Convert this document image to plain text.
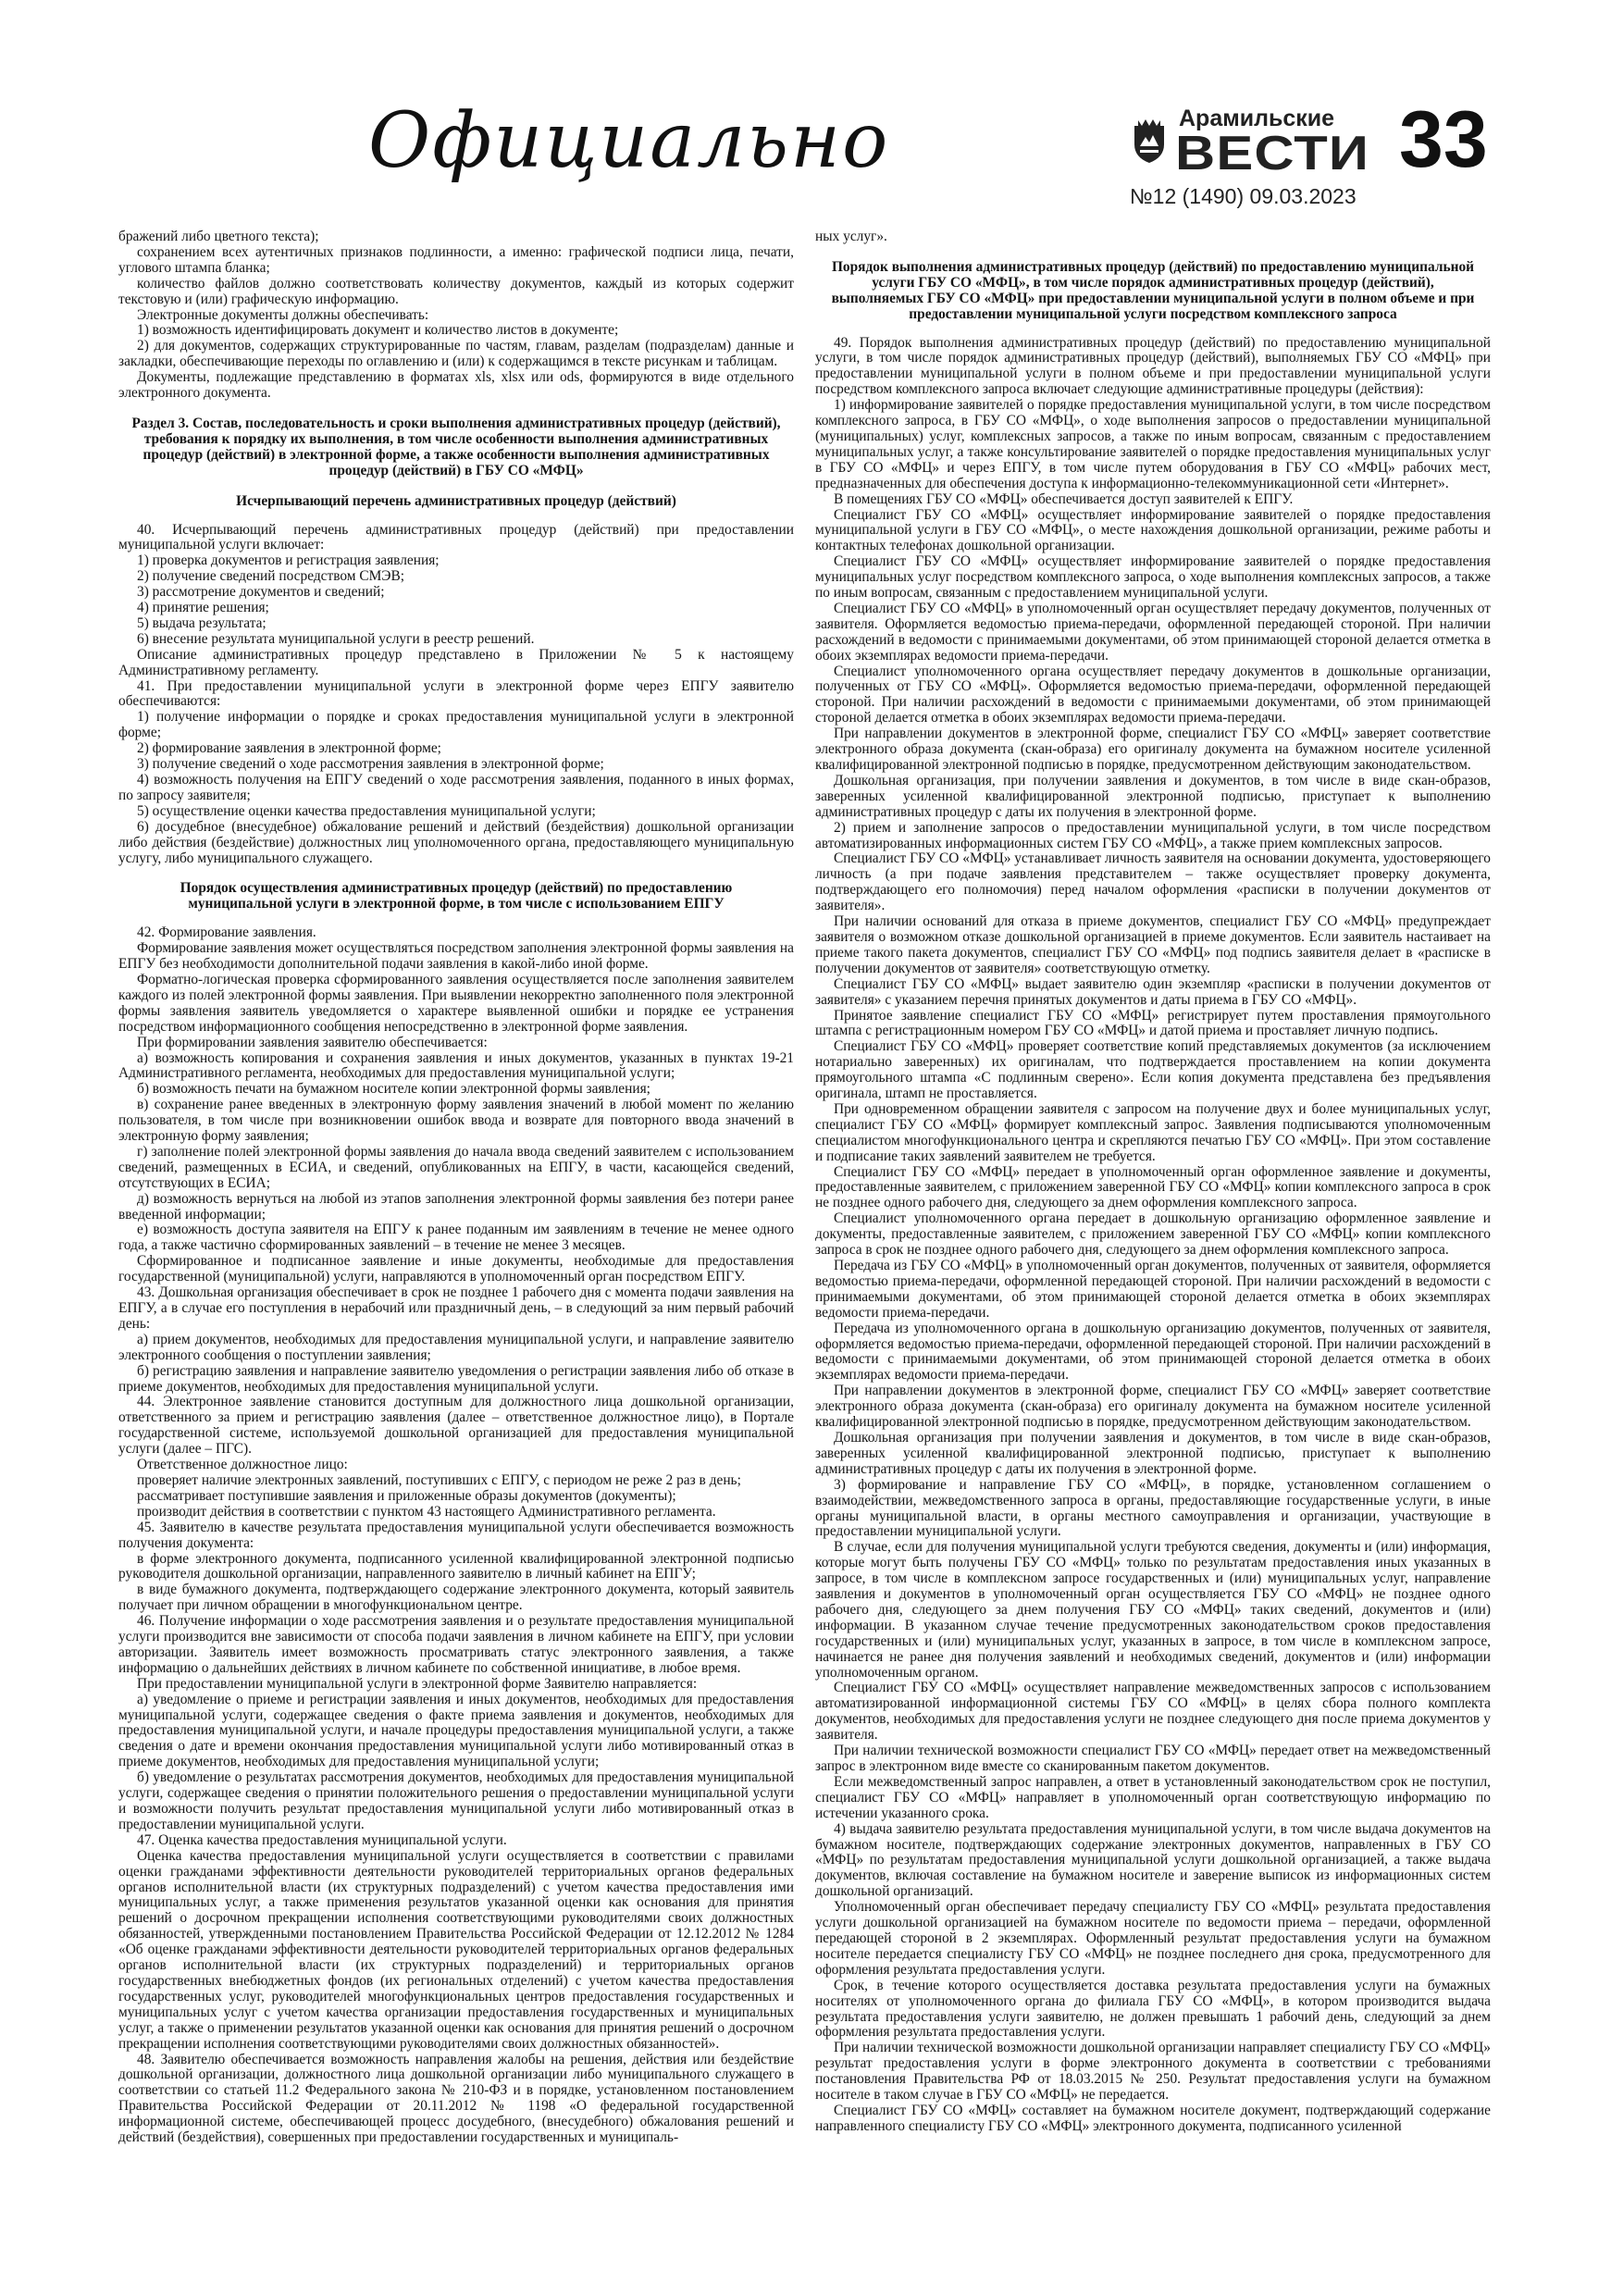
Официально	Арамильские
ВЕСТИ 33
№12 (1490) 09.03.2023

бражений либо цветного текста);

сохранением всех аутентичных признаков подлинности, а именно: графической подписи лица, печати, углового штампа бланка;

количество файлов должно соответствовать количеству документов, каждый из которых содержит текстовую и (или) графическую информацию.

Электронные документы должны обеспечивать:

1) возможность идентифицировать документ и количество листов в документе;

2) для документов, содержащих структурированные по частям, главам, разделам (подразделам) данные и закладки, обеспечивающие переходы по оглавлению и (или) к содержащимся в тексте рисункам и таблицам.

Документы, подлежащие представлению в форматах xls, xlsx или ods, формируются в виде отдельного электронного документа.

Раздел 3. Состав, последовательность и сроки выполнения административных процедур (действий), требования к порядку их выполнения, в том числе особенности выполнения административных процедур (действий) в электронной форме, а также особенности выполнения административных процедур (действий) в ГБУ СО «МФЦ»
Исчерпывающий перечень административных процедур (действий)

40. Исчерпывающий перечень административных процедур (действий) при предоставлении муниципальной услуги включает:

1) проверка документов и регистрация заявления;

2) получение сведений посредством СМЭВ;

3) рассмотрение документов и сведений;

4) принятие решения;

5) выдача результата;

6) внесение результата муниципальной услуги в реестр решений.

Описание административных процедур представлено в Приложении № 5 к настоящему Административному регламенту.

41. При предоставлении муниципальной услуги в электронной форме через ЕПГУ заявителю обеспечиваются:

1) получение информации о порядке и сроках предоставления муниципальной услуги в электронной форме;

2) формирование заявления в электронной форме;

3) получение сведений о ходе рассмотрения заявления в электронной форме;

4) возможность получения на ЕПГУ сведений о ходе рассмотрения заявления, поданного в иных формах, по запросу заявителя;

5) осуществление оценки качества предоставления муниципальной услуги;

6) досудебное (внесудебное) обжалование решений и действий (бездействия) дошкольной организации либо действия (бездействие) должностных лиц уполномоченного органа, предоставляющего муниципальную услугу, либо муниципального служащего.

Порядок осуществления административных процедур (действий) по предоставлению муниципальной услуги в электронной форме, в том числе с использованием ЕПГУ

42. Формирование заявления.

Формирование заявления может осуществляться посредством заполнения электронной формы заявления на ЕПГУ без необходимости дополнительной подачи заявления в какой-либо иной форме.

Форматно-логическая проверка сформированного заявления осуществляется после заполнения заявителем каждого из полей электронной формы заявления. При выявлении некорректно заполненного поля электронной формы заявления заявитель уведомляется о характере выявленной ошибки и порядке ее устранения посредством информационного сообщения непосредственно в электронной форме заявления.

При формировании заявления заявителю обеспечивается:

а) возможность копирования и сохранения заявления и иных документов, указанных в пунктах 19-21 Административного регламента, необходимых для предоставления муниципальной услуги;

б) возможность печати на бумажном носителе копии электронной формы заявления;

в) сохранение ранее введенных в электронную форму заявления значений в любой момент по желанию пользователя, в том числе при возникновении ошибок ввода и возврате для повторного ввода значений в электронную форму заявления;

г) заполнение полей электронной формы заявления до начала ввода сведений заявителем с использованием сведений, размещенных в ЕСИА, и сведений, опубликованных на ЕПГУ, в части, касающейся сведений, отсутствующих в ЕСИА;

д) возможность вернуться на любой из этапов заполнения электронной формы заявления без потери ранее введенной информации;

е) возможность доступа заявителя на ЕПГУ к ранее поданным им заявлениям в течение не менее одного года, а также частично сформированных заявлений – в течение не менее 3 месяцев.

Сформированное и подписанное заявление и иные документы, необходимые для предоставления государственной (муниципальной) услуги, направляются в уполномоченный орган посредством ЕПГУ.

43. Дошкольная организация обеспечивает в срок не позднее 1 рабочего дня с момента подачи заявления на ЕПГУ, а в случае его поступления в нерабочий или праздничный день, – в следующий за ним первый рабочий день:

а) прием документов, необходимых для предоставления муниципальной услуги, и направление заявителю электронного сообщения о поступлении заявления;

б) регистрацию заявления и направление заявителю уведомления о регистрации заявления либо об отказе в приеме документов, необходимых для предоставления муниципальной услуги.

44. Электронное заявление становится доступным для должностного лица дошкольной организации, ответственного за прием и регистрацию заявления (далее – ответственное должностное лицо), в Портале государственной системе, используемой дошкольной организацией для предоставления муниципальной услуги (далее – ПГС).

Ответственное должностное лицо:

проверяет наличие электронных заявлений, поступивших с ЕПГУ, с периодом не реже 2 раз в день;

рассматривает поступившие заявления и приложенные образы документов (документы);

производит действия в соответствии с пунктом 43 настоящего Административного регламента.

45. Заявителю в качестве результата предоставления муниципальной услуги обеспечивается возможность получения документа:

в форме электронного документа, подписанного усиленной квалифицированной электронной подписью руководителя дошкольной организации, направленного заявителю в личный кабинет на ЕПГУ;

в виде бумажного документа, подтверждающего содержание электронного документа, который заявитель получает при личном обращении в многофункциональном центре.

46. Получение информации о ходе рассмотрения заявления и о результате предоставления муниципальной услуги производится вне зависимости от способа подачи заявления в личном кабинете на ЕПГУ, при условии авторизации. Заявитель имеет возможность просматривать статус электронного заявления, а также информацию о дальнейших действиях в личном кабинете по собственной инициативе, в любое время.

При предоставлении муниципальной услуги в электронной форме Заявителю направляется:

а) уведомление о приеме и регистрации заявления и иных документов, необходимых для предоставления муниципальной услуги, содержащее сведения о факте приема заявления и документов, необходимых для предоставления муниципальной услуги, и начале процедуры предоставления муниципальной услуги, а также сведения о дате и времени окончания предоставления муниципальной услуги либо мотивированный отказ в приеме документов, необходимых для предоставления муниципальной услуги;

б) уведомление о результатах рассмотрения документов, необходимых для предоставления муниципальной услуги, содержащее сведения о принятии положительного решения о предоставлении муниципальной услуги и возможности получить результат предоставления муниципальной услуги либо мотивированный отказ в предоставлении муниципальной услуги.

47. Оценка качества предоставления муниципальной услуги.

Оценка качества предоставления муниципальной услуги осуществляется в соответствии с правилами оценки гражданами эффективности деятельности руководителей территориальных органов федеральных органов исполнительной власти (их структурных подразделений) с учетом качества предоставления ими муниципальных услуг, а также применения результатов указанной оценки как основания для принятия решений о досрочном прекращении исполнения соответствующими руководителями своих должностных обязанностей, утвержденными постановлением Правительства Российской Федерации от 12.12.2012 № 1284 «Об оценке гражданами эффективности деятельности руководителей территориальных органов федеральных органов исполнительной власти (их структурных подразделений) и территориальных органов государственных внебюджетных фондов (их региональных отделений) с учетом качества предоставления государственных услуг, руководителей многофункциональных центров предоставления государственных и муниципальных услуг с учетом качества организации предоставления государственных и муниципальных услуг, а также о применении результатов указанной оценки как основания для принятия решений о досрочном прекращении исполнения соответствующими руководителями своих должностных обязанностей».

48. Заявителю обеспечивается возможность направления жалобы на решения, действия или бездействие дошкольной организации, должностного лица дошкольной организации либо муниципального служащего в соответствии со статьей 11.2 Федерального закона № 210-ФЗ и в порядке, установленном постановлением Правительства Российской Федерации от 20.11.2012 № 1198 «О федеральной государственной информационной системе, обеспечивающей процесс досудебного, (внесудебного) обжалования решений и действий (бездействия), совершенных при предоставлении государственных и муниципаль-

ных услуг».

Порядок выполнения административных процедур (действий) по предоставлению муниципальной услуги ГБУ СО «МФЦ», в том числе порядок административных процедур (действий), выполняемых ГБУ СО «МФЦ» при предоставлении муниципальной услуги в полном объеме и при предоставлении муниципальной услуги посредством комплексного запроса

49. Порядок выполнения административных процедур (действий) по предоставлению муниципальной услуги, в том числе порядок административных процедур (действий), выполняемых ГБУ СО «МФЦ» при предоставлении муниципальной услуги в полном объеме и при предоставлении муниципальной услуги посредством комплексного запроса включает следующие административные процедуры (действия):

1) информирование заявителей о порядке предоставления муниципальной услуги, в том числе посредством комплексного запроса, в ГБУ СО «МФЦ», о ходе выполнения запросов о предоставлении муниципальной (муниципальных) услуг, комплексных запросов, а также по иным вопросам, связанным с предоставлением муниципальных услуг, а также консультирование заявителей о порядке предоставления муниципальных услуг в ГБУ СО «МФЦ» и через ЕПГУ, в том числе путем оборудования в ГБУ СО «МФЦ» рабочих мест, предназначенных для обеспечения доступа к информационно-телекоммуникационной сети «Интернет».

В помещениях ГБУ СО «МФЦ» обеспечивается доступ заявителей к ЕПГУ.

Специалист ГБУ СО «МФЦ» осуществляет информирование заявителей о порядке предоставления муниципальной услуги в ГБУ СО «МФЦ», о месте нахождения дошкольной организации, режиме работы и контактных телефонах дошкольной организации.

Специалист ГБУ СО «МФЦ» осуществляет информирование заявителей о порядке предоставления муниципальных услуг посредством комплексного запроса, о ходе выполнения комплексных запросов, а также по иным вопросам, связанным с предоставлением муниципальной услуги.

Специалист ГБУ СО «МФЦ» в уполномоченный орган осуществляет передачу документов, полученных от заявителя. Оформляется ведомостью приема-передачи, оформленной передающей стороной. При наличии расхождений в ведомости с принимаемыми документами, об этом принимающей стороной делается отметка в обоих экземплярах ведомости приема-передачи.

Специалист уполномоченного органа осуществляет передачу документов в дошкольные организации, полученных от ГБУ СО «МФЦ». Оформляется ведомостью приема-передачи, оформленной передающей стороной. При наличии расхождений в ведомости с принимаемыми документами, об этом принимающей стороной делается отметка в обоих экземплярах ведомости приема-передачи.

При направлении документов в электронной форме, специалист ГБУ СО «МФЦ» заверяет соответствие электронного образа документа (скан-образа) его оригиналу документа на бумажном носителе усиленной квалифицированной электронной подписью в порядке, предусмотренном действующим законодательством.

Дошкольная организация, при получении заявления и документов, в том числе в виде скан-образов, заверенных усиленной квалифицированной электронной подписью, приступает к выполнению административных процедур с даты их получения в электронной форме.

2) прием и заполнение запросов о предоставлении муниципальной услуги, в том числе посредством автоматизированных информационных систем ГБУ СО «МФЦ», а также прием комплексных запросов.

Специалист ГБУ СО «МФЦ» устанавливает личность заявителя на основании документа, удостоверяющего личность (а при подаче заявления представителем – также осуществляет проверку документа, подтверждающего его полномочия) перед началом оформления «расписки в получении документов от заявителя».

При наличии оснований для отказа в приеме документов, специалист ГБУ СО «МФЦ» предупреждает заявителя о возможном отказе дошкольной организацией в приеме документов. Если заявитель настаивает на приеме такого пакета документов, специалист ГБУ СО «МФЦ» под подпись заявителя делает в «расписке в получении документов от заявителя» соответствующую отметку.

Специалист ГБУ СО «МФЦ» выдает заявителю один экземпляр «расписки в получении документов от заявителя» с указанием перечня принятых документов и даты приема в ГБУ СО «МФЦ».

Принятое заявление специалист ГБУ СО «МФЦ» регистрирует путем проставления прямоугольного штампа с регистрационным номером ГБУ СО «МФЦ» и датой приема и проставляет личную подпись.

Специалист ГБУ СО «МФЦ» проверяет соответствие копий представляемых документов (за исключением нотариально заверенных) их оригиналам, что подтверждается проставлением на копии документа прямоугольного штампа «С подлинным сверено». Если копия документа представлена без предъявления оригинала, штамп не проставляется.

При одновременном обращении заявителя с запросом на получение двух и более муниципальных услуг, специалист ГБУ СО «МФЦ» формирует комплексный запрос. Заявления подписываются уполномоченным специалистом многофункционального центра и скрепляются печатью ГБУ СО «МФЦ». При этом составление и подписание таких заявлений заявителем не требуется.

Специалист ГБУ СО «МФЦ» передает в уполномоченный орган оформленное заявление и документы, предоставленные заявителем, с приложением заверенной ГБУ СО «МФЦ» копии комплексного запроса в срок не позднее одного рабочего дня, следующего за днем оформления комплексного запроса.

Специалист уполномоченного органа передает в дошкольную организацию оформленное заявление и документы, предоставленные заявителем, с приложением заверенной ГБУ СО «МФЦ» копии комплексного запроса в срок не позднее одного рабочего дня, следующего за днем оформления комплексного запроса.

Передача из ГБУ СО «МФЦ» в уполномоченный орган документов, полученных от заявителя, оформляется ведомостью приема-передачи, оформленной передающей стороной. При наличии расхождений в ведомости с принимаемыми документами, об этом принимающей стороной делается отметка в обоих экземплярах ведомости приема-передачи.

Передача из уполномоченного органа в дошкольную организацию документов, полученных от заявителя, оформляется ведомостью приема-передачи, оформленной передающей стороной. При наличии расхождений в ведомости с принимаемыми документами, об этом принимающей стороной делается отметка в обоих экземплярах ведомости приема-передачи.

При направлении документов в электронной форме, специалист ГБУ СО «МФЦ» заверяет соответствие электронного образа документа (скан-образа) его оригиналу документа на бумажном носителе усиленной квалифицированной электронной подписью в порядке, предусмотренном действующим законодательством.

Дошкольная организация при получении заявления и документов, в том числе в виде скан-образов, заверенных усиленной квалифицированной электронной подписью, приступает к выполнению административных процедур с даты их получения в электронной форме.

3) формирование и направление ГБУ СО «МФЦ», в порядке, установленном соглашением о взаимодействии, межведомственного запроса в органы, предоставляющие государственные услуги, в иные органы муниципальной власти, в органы местного самоуправления и организации, участвующие в предоставлении муниципальной услуги.

В случае, если для получения муниципальной услуги требуются сведения, документы и (или) информация, которые могут быть получены ГБУ СО «МФЦ» только по результатам предоставления иных указанных в запросе, в том числе в комплексном запросе государственных и (или) муниципальных услуг, направление заявления и документов в уполномоченный орган осуществляется ГБУ СО «МФЦ» не позднее одного рабочего дня, следующего за днем получения ГБУ СО «МФЦ» таких сведений, документов и (или) информации. В указанном случае течение предусмотренных законодательством сроков предоставления государственных и (или) муниципальных услуг, указанных в запросе, в том числе в комплексном запросе, начинается не ранее дня получения заявлений и необходимых сведений, документов и (или) информации уполномоченным органом.

Специалист ГБУ СО «МФЦ» осуществляет направление межведомственных запросов с использованием автоматизированной информационной системы ГБУ СО «МФЦ» в целях сбора полного комплекта документов, необходимых для предоставления услуги не позднее следующего дня после приема документов у заявителя.

При наличии технической возможности специалист ГБУ СО «МФЦ» передает ответ на межведомственный запрос в электронном виде вместе со сканированным пакетом документов.

Если межведомственный запрос направлен, а ответ в установленный законодательством срок не поступил, специалист ГБУ СО «МФЦ» направляет в уполномоченный орган соответствующую информацию по истечении указанного срока.

4) выдача заявителю результата предоставления муниципальной услуги, в том числе выдача документов на бумажном носителе, подтверждающих содержание электронных документов, направленных в ГБУ СО «МФЦ» по результатам предоставления муниципальной услуги дошкольной организацией, а также выдача документов, включая составление на бумажном носителе и заверение выписок из информационных систем дошкольной организаций.

Уполномоченный орган обеспечивает передачу специалисту ГБУ СО «МФЦ» результата предоставления услуги дошкольной организацией на бумажном носителе по ведомости приема – передачи, оформленной передающей стороной в 2 экземплярах. Оформленный результат предоставления услуги на бумажном носителе передается специалисту ГБУ СО «МФЦ» не позднее последнего дня срока, предусмотренного для оформления результата предоставления услуги.

Срок, в течение которого осуществляется доставка результата предоставления услуги на бумажных носителях от уполномоченного органа до филиала ГБУ СО «МФЦ», в котором производится выдача результата предоставления услуги заявителю, не должен превышать 1 рабочий день, следующий за днем оформления результата предоставления услуги.

При наличии технической возможности дошкольной организации направляет специалисту ГБУ СО «МФЦ» результат предоставления услуги в форме электронного документа в соответствии с требованиями постановления Правительства РФ от 18.03.2015 № 250. Результат предоставления услуги на бумажном носителе в таком случае в ГБУ СО «МФЦ» не передается.

Специалист ГБУ СО «МФЦ» составляет на бумажном носителе документ, подтверждающий содержание направленного специалисту ГБУ СО «МФЦ» электронного документа, подписанного усиленной
